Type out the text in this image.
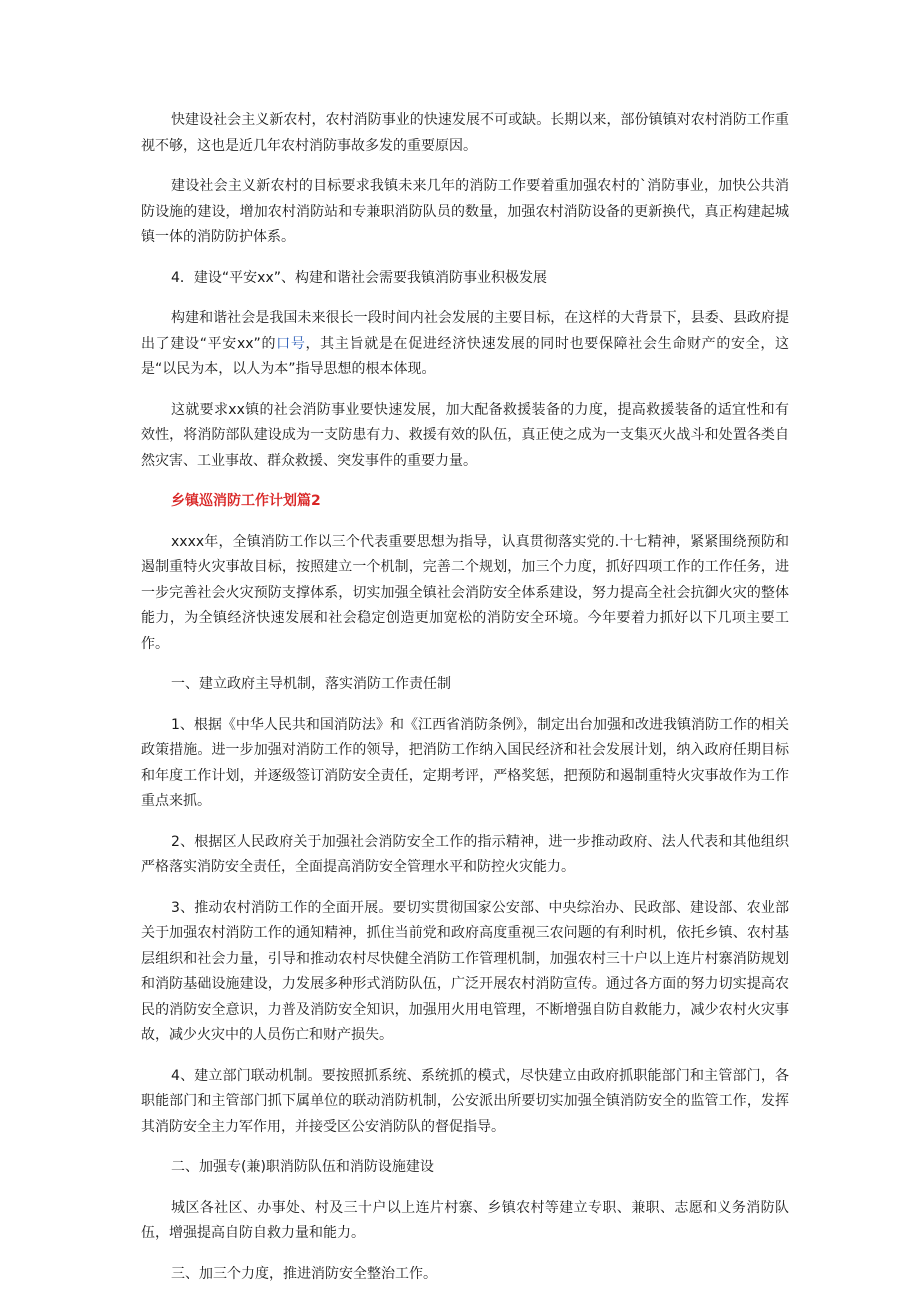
快建设社会主义新农村，农村消防事业的快速发展不可或缺。长期以来，部份镇镇对农村消防工作重视不够，这也是近几年农村消防事故多发的重要原因。

建设社会主义新农村的目标要求我镇未来几年的消防工作要着重加强农村的`消防事业，加快公共消防设施的建设，增加农村消防站和专兼职消防队员的数量，加强农村消防设备的更新换代，真正构建起城镇一体的消防防护体系。

4．建设“平安xx”、构建和谐社会需要我镇消防事业积极发展

构建和谐社会是我国未来很长一段时间内社会发展的主要目标，在这样的大背景下，县委、县政府提出了建设“平安xx”的口号，其主旨就是在促进经济快速发展的同时也要保障社会生命财产的安全，这是“以民为本，以人为本”指导思想的根本体现。

这就要求xx镇的社会消防事业要快速发展，加大配备救援装备的力度，提高救援装备的适宜性和有效性，将消防部队建设成为一支防患有力、救援有效的队伍，真正使之成为一支集灭火战斗和处置各类自然灾害、工业事故、群众救援、突发事件的重要力量。

乡镇巡消防工作计划篇2

xxxx年，全镇消防工作以三个代表重要思想为指导，认真贯彻落实党的.十七精神，紧紧围绕预防和遏制重特火灾事故目标，按照建立一个机制，完善二个规划，加三个力度，抓好四项工作的工作任务，进一步完善社会火灾预防支撑体系，切实加强全镇社会消防安全体系建设，努力提高全社会抗御火灾的整体能力，为全镇经济快速发展和社会稳定创造更加宽松的消防安全环境。今年要着力抓好以下几项主要工作。

一、建立政府主导机制，落实消防工作责任制

1、根据《中华人民共和国消防法》和《江西省消防条例》，制定出台加强和改进我镇消防工作的相关政策措施。进一步加强对消防工作的领导，把消防工作纳入国民经济和社会发展计划，纳入政府任期目标和年度工作计划，并逐级签订消防安全责任，定期考评，严格奖惩，把预防和遏制重特火灾事故作为工作重点来抓。

2、根据区人民政府关于加强社会消防安全工作的指示精神，进一步推动政府、法人代表和其他组织严格落实消防安全责任，全面提高消防安全管理水平和防控火灾能力。

3、推动农村消防工作的全面开展。要切实贯彻国家公安部、中央综治办、民政部、建设部、农业部关于加强农村消防工作的通知精神，抓住当前党和政府高度重视三农问题的有利时机，依托乡镇、农村基层组织和社会力量，引导和推动农村尽快健全消防工作管理机制，加强农村三十户以上连片村寨消防规划和消防基础设施建设，力发展多种形式消防队伍，广泛开展农村消防宣传。通过各方面的努力切实提高农民的消防安全意识，力普及消防安全知识，加强用火用电管理，不断增强自防自救能力，减少农村火灾事故，减少火灾中的人员伤亡和财产损失。

4、建立部门联动机制。要按照抓系统、系统抓的模式，尽快建立由政府抓职能部门和主管部门，各职能部门和主管部门抓下属单位的联动消防机制，公安派出所要切实加强全镇消防安全的监管工作，发挥其消防安全主力军作用，并接受区公安消防队的督促指导。

二、加强专(兼)职消防队伍和消防设施建设

城区各社区、办事处、村及三十户以上连片村寨、乡镇农村等建立专职、兼职、志愿和义务消防队伍，增强提高自防自救力量和能力。

三、加三个力度，推进消防安全整治工作。
